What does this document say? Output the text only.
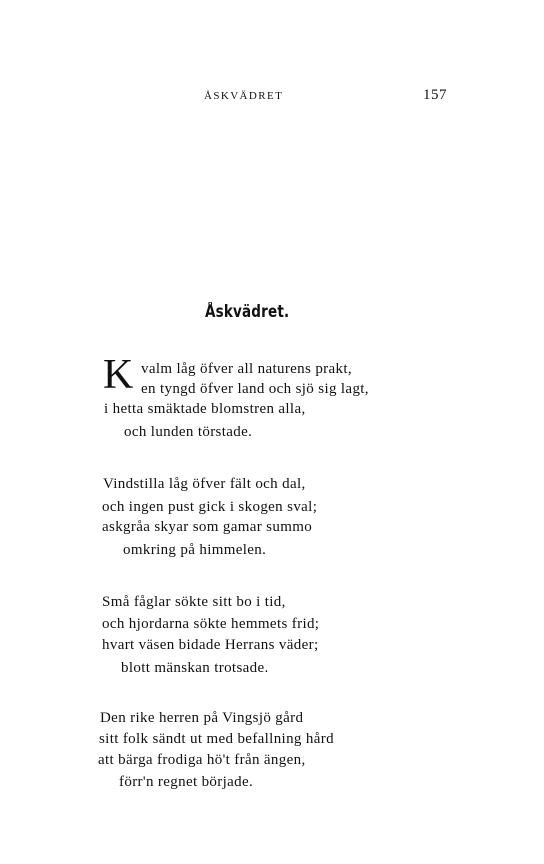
ÅSKVÄDRET	157
Åskvädret.
K valm låg öfver all naturens prakt,
en tyngd öfver land och sjö sig lagt,
i hetta smäktade blomstren alla,
och lunden törstade.
Vindstilla låg öfver fält och dal,
och ingen pust gick i skogen sval;
askgråa skyar som gamar summo
omkring på himmelen.
Små fåglar sökte sitt bo i tid,
och hjordarna sökte hemmets frid;
hvart väsen bidade Herrans väder;
blott mänskan trotsade.
Den rike herren på Vingsjö gård
sitt folk sändt ut med befallning hård
att bärga frodiga hö't från ängen,
förr'n regnet började.
